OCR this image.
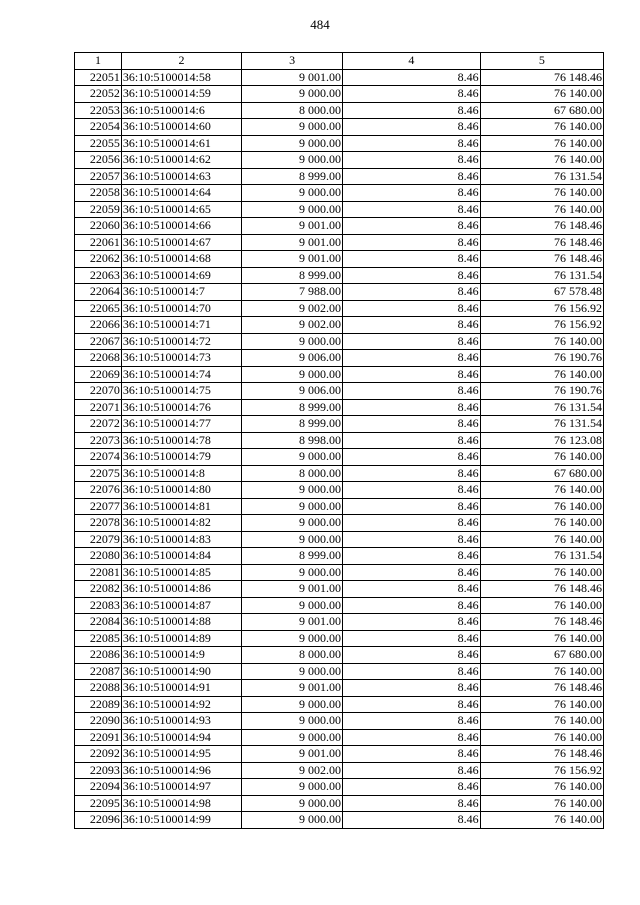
484
1	2	3	4	5
22051	36:10:5100014:58	9 001.00	8.46	76 148.46
22052	36:10:5100014:59	9 000.00	8.46	76 140.00
22053	36:10:5100014:6	8 000.00	8.46	67 680.00
22054	36:10:5100014:60	9 000.00	8.46	76 140.00
22055	36:10:5100014:61	9 000.00	8.46	76 140.00
22056	36:10:5100014:62	9 000.00	8.46	76 140.00
22057	36:10:5100014:63	8 999.00	8.46	76 131.54
22058	36:10:5100014:64	9 000.00	8.46	76 140.00
22059	36:10:5100014:65	9 000.00	8.46	76 140.00
22060	36:10:5100014:66	9 001.00	8.46	76 148.46
22061	36:10:5100014:67	9 001.00	8.46	76 148.46
22062	36:10:5100014:68	9 001.00	8.46	76 148.46
22063	36:10:5100014:69	8 999.00	8.46	76 131.54
22064	36:10:5100014:7	7 988.00	8.46	67 578.48
22065	36:10:5100014:70	9 002.00	8.46	76 156.92
22066	36:10:5100014:71	9 002.00	8.46	76 156.92
22067	36:10:5100014:72	9 000.00	8.46	76 140.00
22068	36:10:5100014:73	9 006.00	8.46	76 190.76
22069	36:10:5100014:74	9 000.00	8.46	76 140.00
22070	36:10:5100014:75	9 006.00	8.46	76 190.76
22071	36:10:5100014:76	8 999.00	8.46	76 131.54
22072	36:10:5100014:77	8 999.00	8.46	76 131.54
22073	36:10:5100014:78	8 998.00	8.46	76 123.08
22074	36:10:5100014:79	9 000.00	8.46	76 140.00
22075	36:10:5100014:8	8 000.00	8.46	67 680.00
22076	36:10:5100014:80	9 000.00	8.46	76 140.00
22077	36:10:5100014:81	9 000.00	8.46	76 140.00
22078	36:10:5100014:82	9 000.00	8.46	76 140.00
22079	36:10:5100014:83	9 000.00	8.46	76 140.00
22080	36:10:5100014:84	8 999.00	8.46	76 131.54
22081	36:10:5100014:85	9 000.00	8.46	76 140.00
22082	36:10:5100014:86	9 001.00	8.46	76 148.46
22083	36:10:5100014:87	9 000.00	8.46	76 140.00
22084	36:10:5100014:88	9 001.00	8.46	76 148.46
22085	36:10:5100014:89	9 000.00	8.46	76 140.00
22086	36:10:5100014:9	8 000.00	8.46	67 680.00
22087	36:10:5100014:90	9 000.00	8.46	76 140.00
22088	36:10:5100014:91	9 001.00	8.46	76 148.46
22089	36:10:5100014:92	9 000.00	8.46	76 140.00
22090	36:10:5100014:93	9 000.00	8.46	76 140.00
22091	36:10:5100014:94	9 000.00	8.46	76 140.00
22092	36:10:5100014:95	9 001.00	8.46	76 148.46
22093	36:10:5100014:96	9 002.00	8.46	76 156.92
22094	36:10:5100014:97	9 000.00	8.46	76 140.00
22095	36:10:5100014:98	9 000.00	8.46	76 140.00
22096	36:10:5100014:99	9 000.00	8.46	76 140.00
